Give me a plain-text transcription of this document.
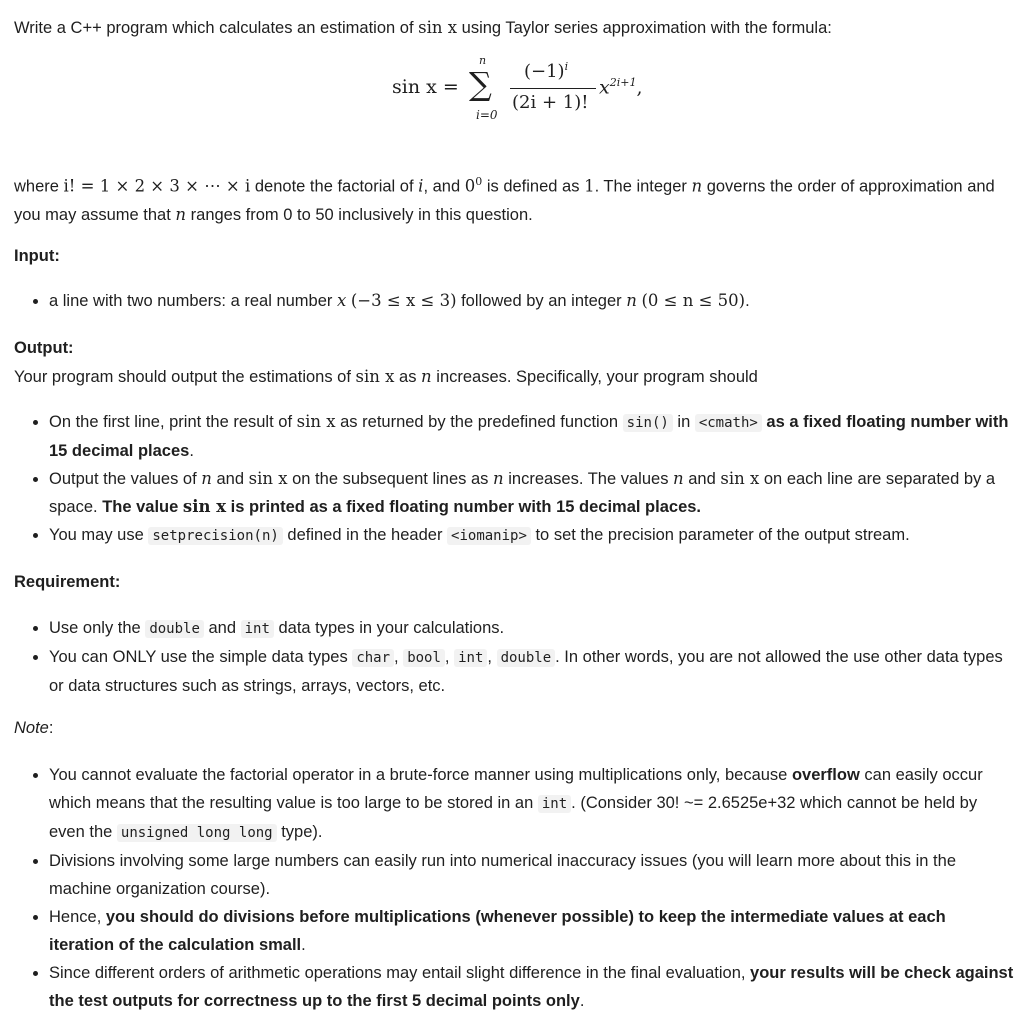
Write a C++ program which calculates an estimation of sin x using Taylor series approximation with the formula:
sin x =
n
∑
i=0
$(-1)^i$
(2i + 1)!
$x^{2i+1}$,
where i! = 1 × 2 × 3 × ⋯ × i denote the factorial of i, and $0^0$ is defined as 1. The integer n governs the order of approximation and you may assume that n ranges from 0 to 50 inclusively in this question.
Input:
• a line with two numbers: a real number x (−3 ≤ x ≤ 3) followed by an integer n (0 ≤ n ≤ 50).
Output:
Your program should output the estimations of sin x as n increases. Specifically, your program should
• On the first line, print the result of sin x as returned by the predefined function sin() in <cmath> as a fixed floating number with 15 decimal places.
• Output the values of n and sin x on the subsequent lines as n increases. The values n and sin x on each line are separated by a space. The value sin x is printed as a fixed floating number with 15 decimal places.
• You may use setprecision(n) defined in the header <iomanip> to set the precision parameter of the output stream.
Requirement:
• Use only the double and int data types in your calculations.
• You can ONLY use the simple data types char , bool , int , double . In other words, you are not allowed the use other data types or data structures such as strings, arrays, vectors, etc.
Note:
• You cannot evaluate the factorial operator in a brute-force manner using multiplications only, because overflow can easily occur which means that the resulting value is too large to be stored in an int . (Consider 30! ~= 2.6525e+32 which cannot be held by even the unsigned long long type).
• Divisions involving some large numbers can easily run into numerical inaccuracy issues (you will learn more about this in the machine organization course).
• Hence, you should do divisions before multiplications (whenever possible) to keep the intermediate values at each iteration of the calculation small.
• Since different orders of arithmetic operations may entail slight difference in the final evaluation, your results will be check against the test outputs for correctness up to the first 5 decimal points only.
